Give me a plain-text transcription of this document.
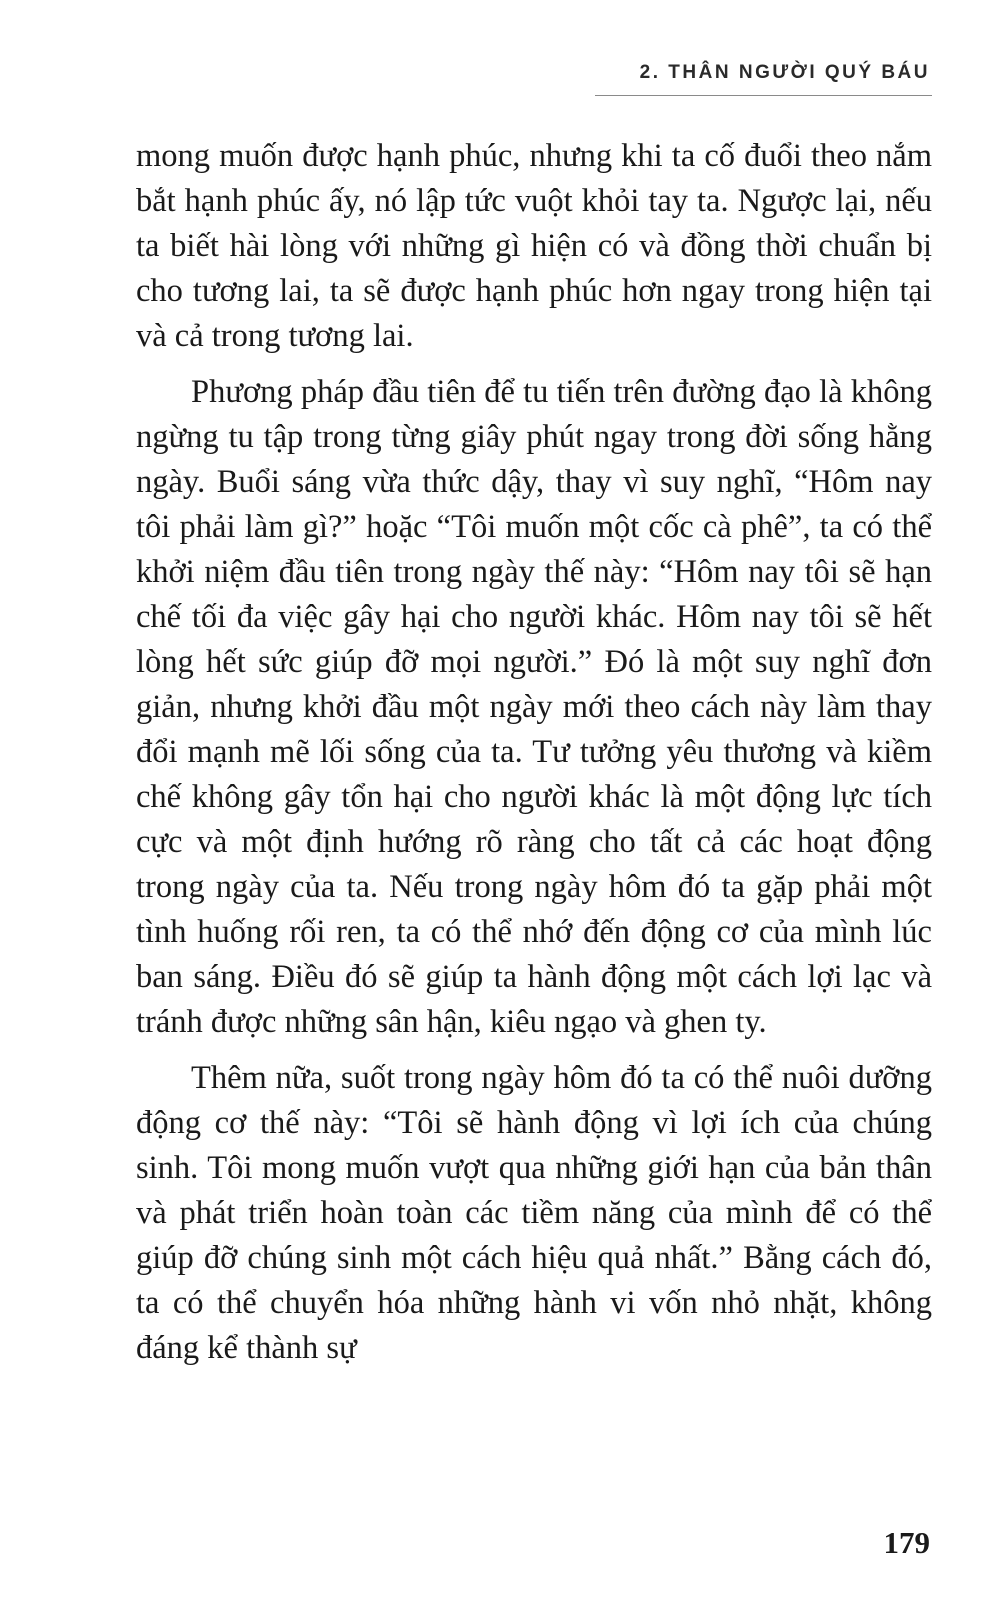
2. THÂN NGƯỜI QUÝ BÁU

mong muốn được hạnh phúc, nhưng khi ta cố đuổi theo nắm bắt hạnh phúc ấy, nó lập tức vuột khỏi tay ta. Ngược lại, nếu ta biết hài lòng với những gì hiện có và đồng thời chuẩn bị cho tương lai, ta sẽ được hạnh phúc hơn ngay trong hiện tại và cả trong tương lai.

Phương pháp đầu tiên để tu tiến trên đường đạo là không ngừng tu tập trong từng giây phút ngay trong đời sống hằng ngày. Buổi sáng vừa thức dậy, thay vì suy nghĩ, “Hôm nay tôi phải làm gì?” hoặc “Tôi muốn một cốc cà phê”, ta có thể khởi niệm đầu tiên trong ngày thế này: “Hôm nay tôi sẽ hạn chế tối đa việc gây hại cho người khác. Hôm nay tôi sẽ hết lòng hết sức giúp đỡ mọi người.” Đó là một suy nghĩ đơn giản, nhưng khởi đầu một ngày mới theo cách này làm thay đổi mạnh mẽ lối sống của ta. Tư tưởng yêu thương và kiềm chế không gây tổn hại cho người khác là một động lực tích cực và một định hướng rõ ràng cho tất cả các hoạt động trong ngày của ta. Nếu trong ngày hôm đó ta gặp phải một tình huống rối ren, ta có thể nhớ đến động cơ của mình lúc ban sáng. Điều đó sẽ giúp ta hành động một cách lợi lạc và tránh được những sân hận, kiêu ngạo và ghen ty.

Thêm nữa, suốt trong ngày hôm đó ta có thể nuôi dưỡng động cơ thế này: “Tôi sẽ hành động vì lợi ích của chúng sinh. Tôi mong muốn vượt qua những giới hạn của bản thân và phát triển hoàn toàn các tiềm năng của mình để có thể giúp đỡ chúng sinh một cách hiệu quả nhất.” Bằng cách đó, ta có thể chuyển hóa những hành vi vốn nhỏ nhặt, không đáng kể thành sự

179
